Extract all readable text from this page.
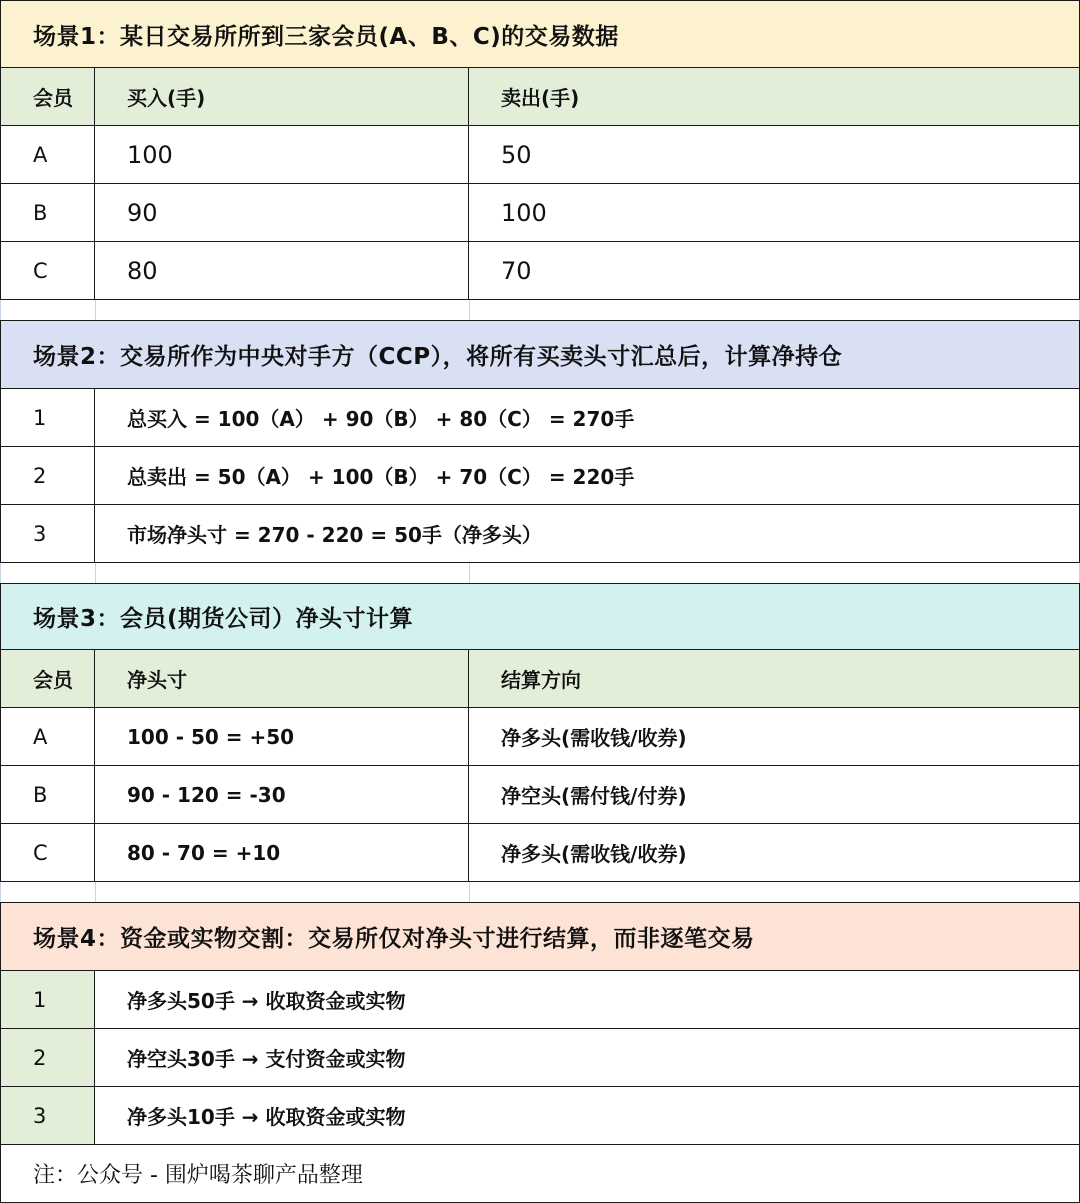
场景1：某日交易所所到三家会员(A、B、C)的交易数据
会员	买入(手)	卖出(手)
A	100	50
B	90	100
C	80	70
场景2：交易所作为中央对手方（CCP），将所有买卖头寸汇总后，计算净持仓
1	总买入 = 100（A） + 90（B） + 80（C） = 270手
2	总卖出 = 50（A） + 100（B） + 70（C） = 220手
3	市场净头寸 = 270 - 220 = 50手（净多头）
场景3：会员(期货公司）净头寸计算
会员	净头寸	结算方向
A	100 - 50 = +50	净多头(需收钱/收券)
B	90 - 120 = -30	净空头(需付钱/付券)
C	80 - 70 = +10	净多头(需收钱/收券)
场景4：资金或实物交割：交易所仅对净头寸进行结算，而非逐笔交易
1	净多头50手 → 收取资金或实物
2	净空头30手 → 支付资金或实物
3	净多头10手 → 收取资金或实物
注：公众号 - 围炉喝茶聊产品整理
